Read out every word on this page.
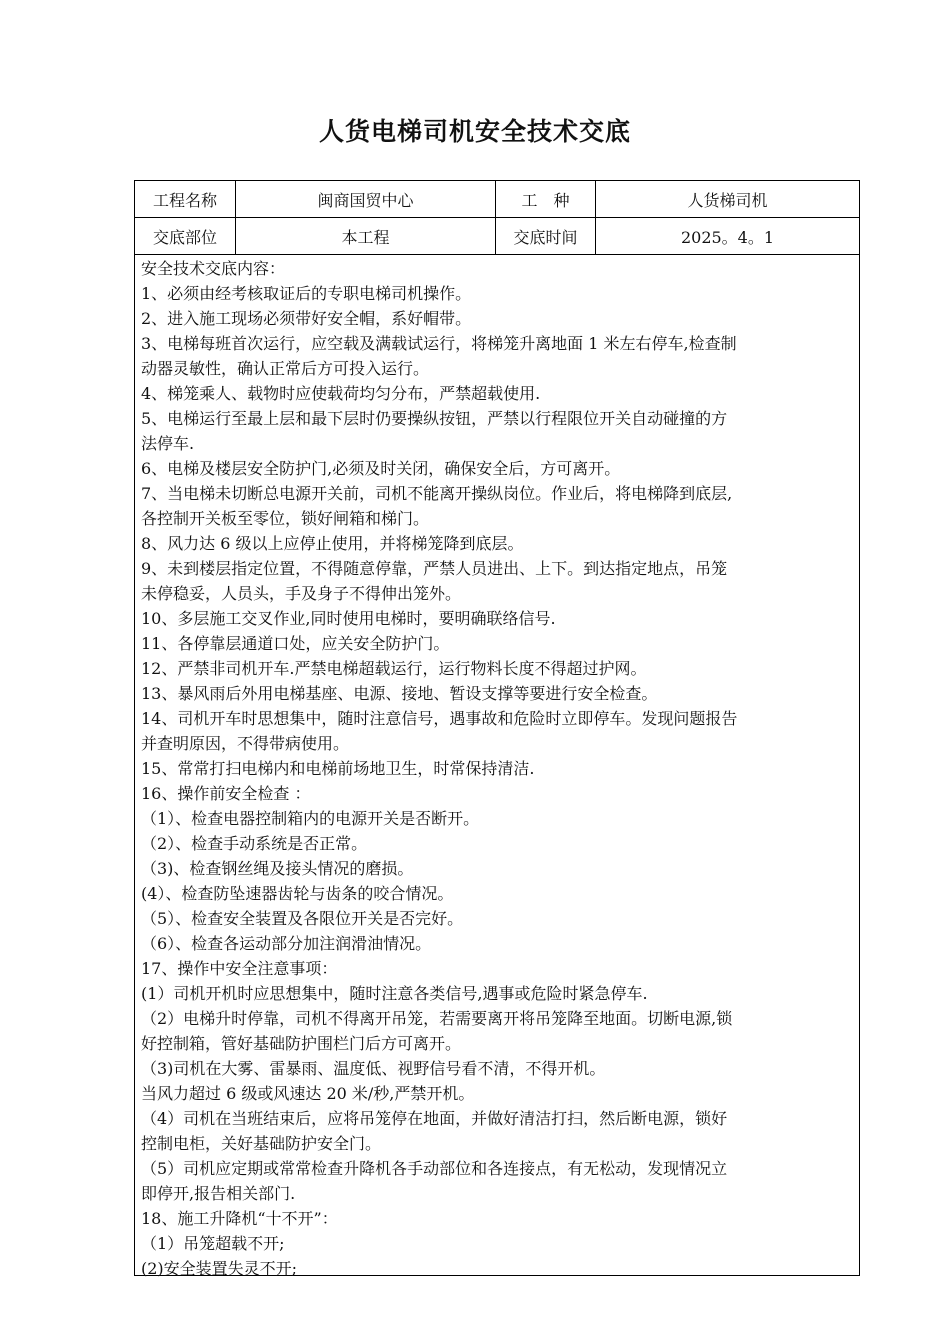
人货电梯司机安全技术交底
工程名称	闽商国贸中心	工　种	人货梯司机
交底部位	本工程	交底时间	2025。4。1
安全技术交底内容：
1、必须由经考核取证后的专职电梯司机操作。
2、进入施工现场必须带好安全帽，系好帽带。
3、电梯每班首次运行，应空载及满载试运行，将梯笼升离地面 1 米左右停车,检查制
动器灵敏性，确认正常后方可投入运行。
4、梯笼乘人、载物时应使载荷均匀分布，严禁超载使用.
5、电梯运行至最上层和最下层时仍要操纵按钮，严禁以行程限位开关自动碰撞的方
法停车.
6、电梯及楼层安全防护门,必须及时关闭，确保安全后，方可离开。
7、当电梯未切断总电源开关前，司机不能离开操纵岗位。作业后，将电梯降到底层,
各控制开关板至零位，锁好闸箱和梯门。
8、风力达 6 级以上应停止使用，并将梯笼降到底层。
9、未到楼层指定位置，不得随意停靠，严禁人员进出、上下。到达指定地点，吊笼
未停稳妥，人员头，手及身子不得伸出笼外。
10、多层施工交叉作业,同时使用电梯时，要明确联络信号.
11、各停靠层通道口处，应关安全防护门。
12、严禁非司机开车.严禁电梯超载运行，运行物料长度不得超过护网。
13、暴风雨后外用电梯基座、电源、接地、暂设支撑等要进行安全检查。
14、司机开车时思想集中，随时注意信号，遇事故和危险时立即停车。发现问题报告
并查明原因，不得带病使用。
15、常常打扫电梯内和电梯前场地卫生，时常保持清洁.
16、操作前安全检查 ：
（1）、检查电器控制箱内的电源开关是否断开。
（2）、检查手动系统是否正常。
（3)、检查钢丝绳及接头情况的磨损。
(4）、检查防坠速器齿轮与齿条的咬合情况。
（5）、检查安全装置及各限位开关是否完好。
（6）、检查各运动部分加注润滑油情况。
17、操作中安全注意事项：
(1）司机开机时应思想集中，随时注意各类信号,遇事或危险时紧急停车.
（2）电梯升时停靠，司机不得离开吊笼，若需要离开将吊笼降至地面。切断电源,锁
好控制箱，管好基础防护围栏门后方可离开。
（3)司机在大雾、雷暴雨、温度低、视野信号看不清，不得开机。
当风力超过 6 级或风速达 20 米/秒,严禁开机。
（4）司机在当班结束后，应将吊笼停在地面，并做好清洁打扫，然后断电源，锁好
控制电柜，关好基础防护安全门。
（5）司机应定期或常常检查升降机各手动部位和各连接点，有无松动，发现情况立
即停开,报告相关部门.
18、施工升降机“十不开”：
（1）吊笼超载不开;
(2)安全装置失灵不开;
